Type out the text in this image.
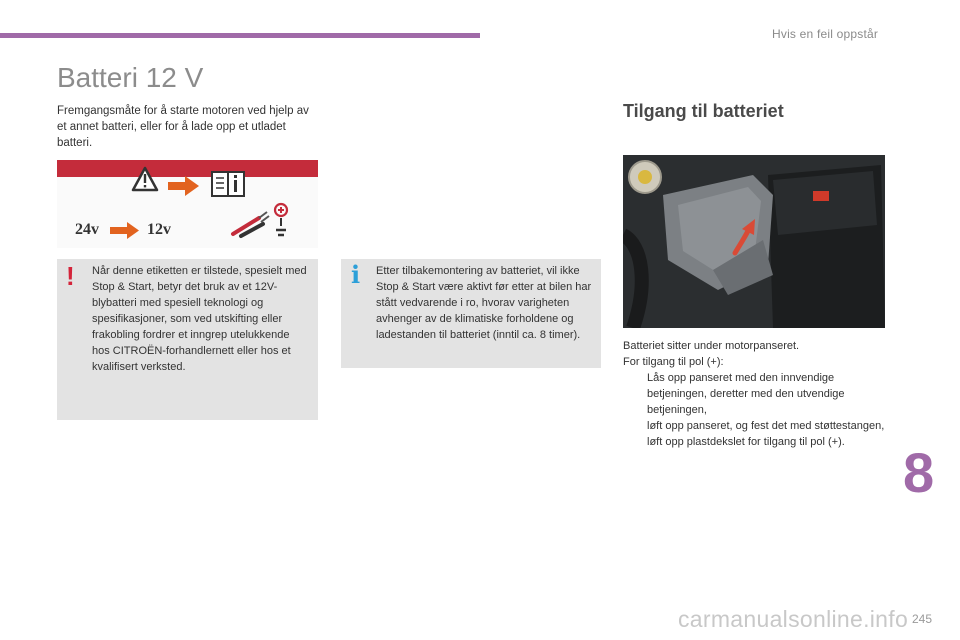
Hvis en feil oppstår
Batteri 12 V

Fremgangsmåte for å starte motoren ved hjelp av et annet batteri, eller for å lade opp et utladet batteri.

24v	12v
! Når denne etiketten er tilstede, spesielt med Stop & Start, betyr det bruk av et 12V-blybatteri med spesiell teknologi og spesifikasjoner, som ved utskifting eller frakobling fordrer et inngrep utelukkende hos CITROËN-forhandlernett eller hos et kvalifisert verksted.

i Etter tilbakemontering av batteriet, vil ikke Stop & Start være aktivt før etter at bilen har stått vedvarende i ro, hvorav varigheten avhenger av de klimatiske forholdene og ladestanden til batteriet (inntil ca. 8 timer).

Tilgang til batteriet

Batteriet sitter under motorpanseret.

For tilgang til pol (+):

Lås opp panseret med den innvendige betjeningen, deretter med den utvendige betjeningen,
løft opp panseret, og fest det med støttestangen,
løft opp plastdekslet for tilgang til pol (+).	8
carmanualsonline.info 245
